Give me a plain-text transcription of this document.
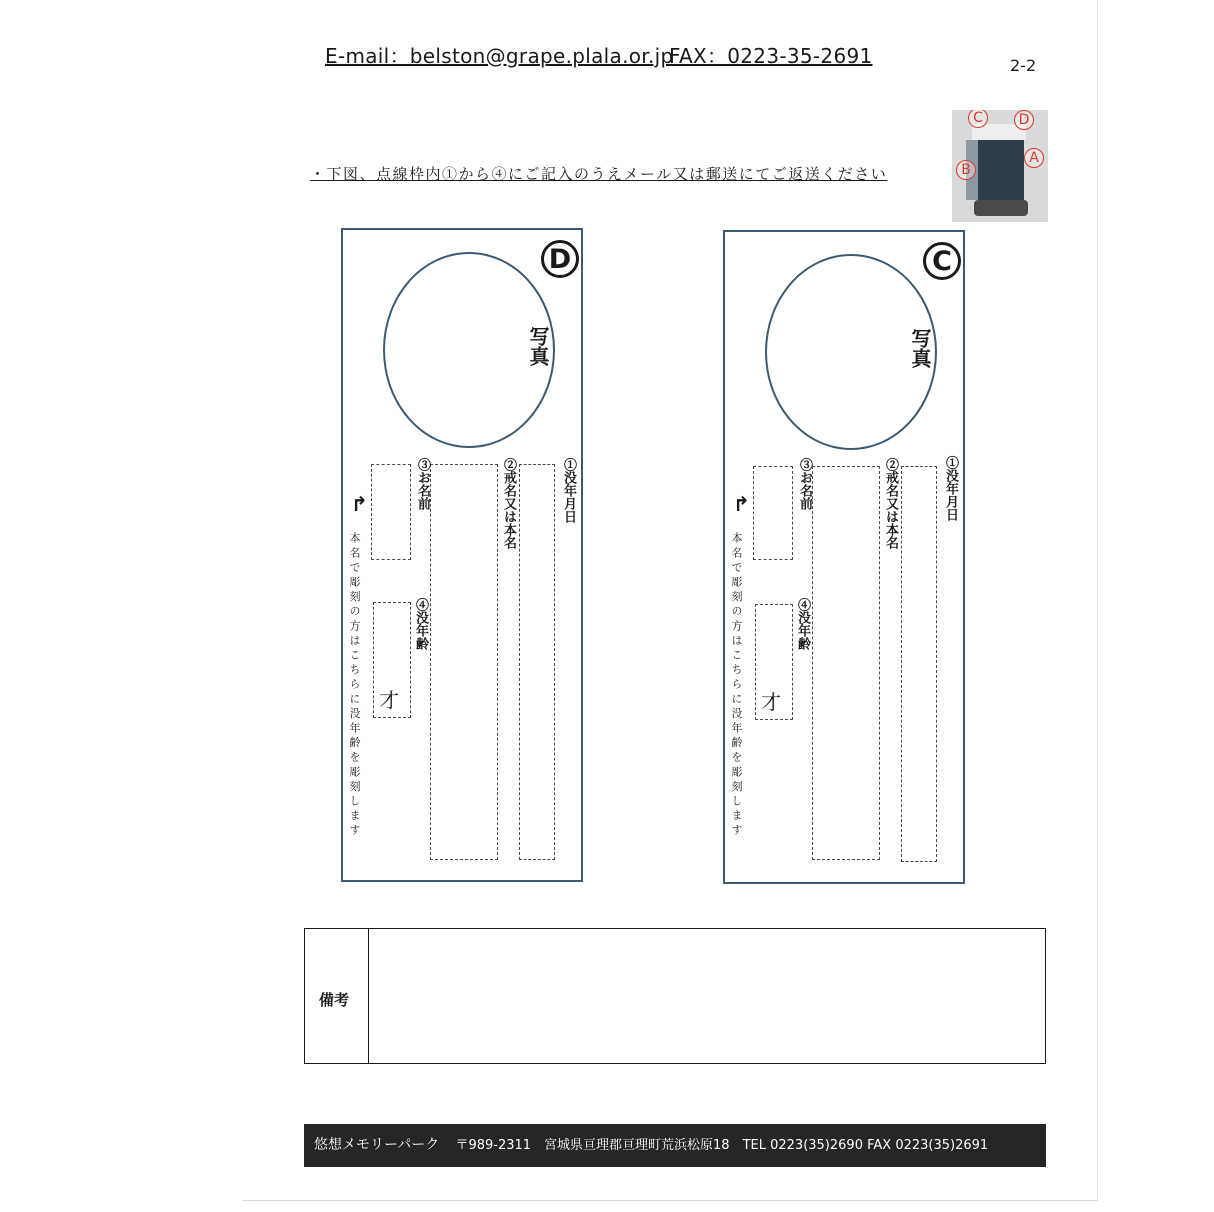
E-mail：belston@grape.plala.or.jp
FAX：0223-35-2691	2-2
・下図、点線枠内①から④にご記入のうえメール又は郵送にてご返送ください
C	D
B
A
D
写真
①没年月日
②戒名又は本名
③お名前
④没年齢
才
↱
本名で彫刻の方はこちらに没年齢を彫刻します
C
写真
①没年月日
②戒名又は本名
③お名前
④没年齢
才
↱
本名で彫刻の方はこちらに没年齢を彫刻します
備考
悠想メモリーパーク 〒989-2311　宮城県亘理郡亘理町荒浜松原18　TEL 0223(35)2690 FAX 0223(35)2691
